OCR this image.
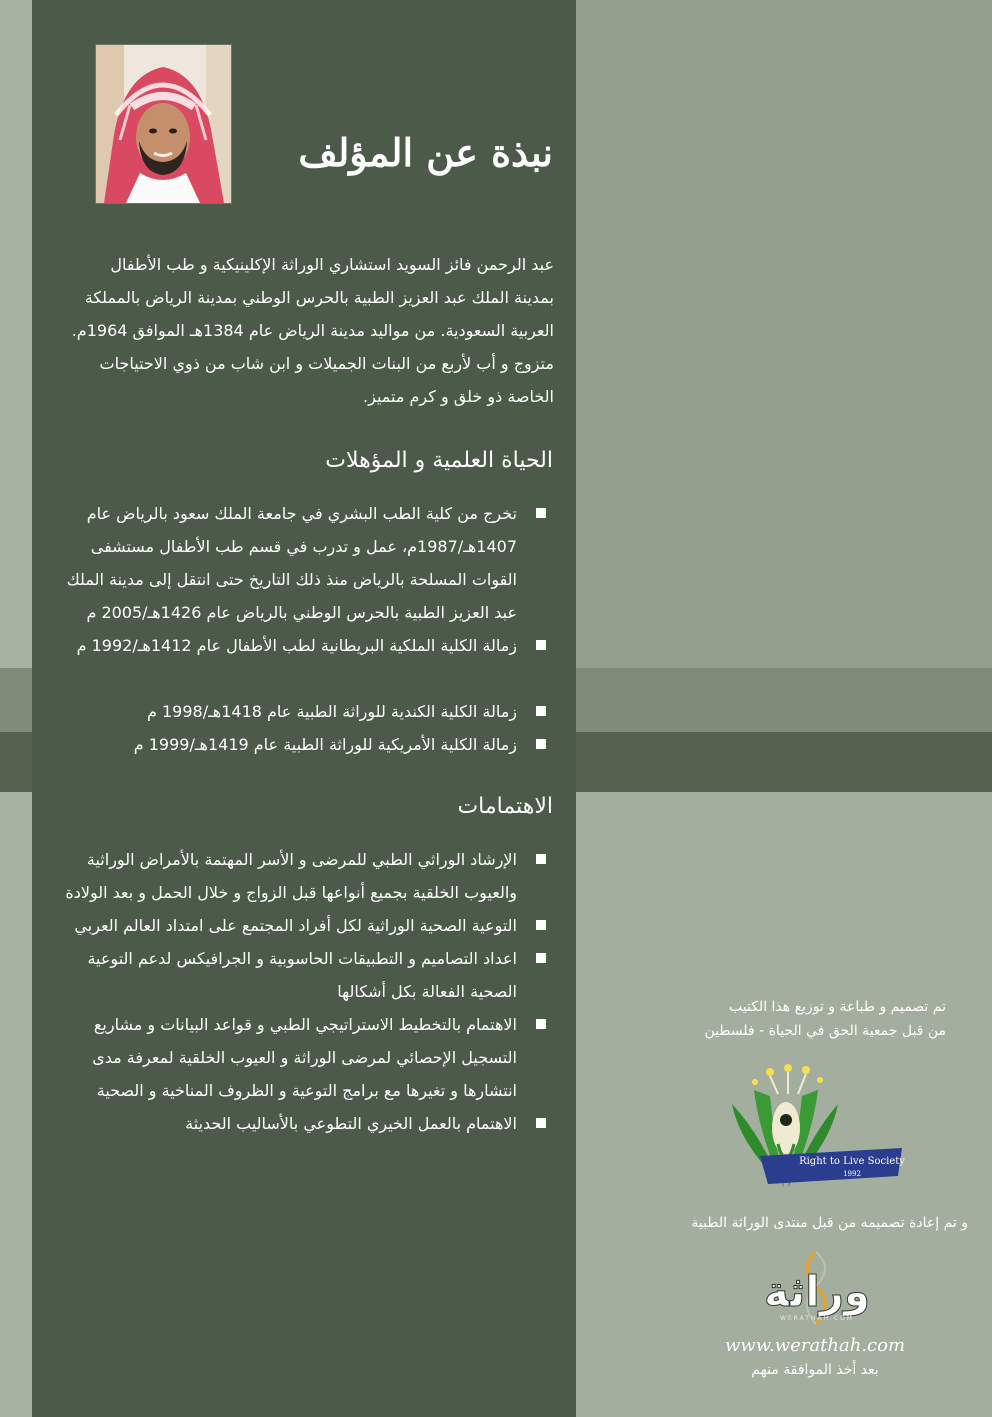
نبذة عن المؤلف
عبد الرحمن فائز السويد استشاري الوراثة الإكلينيكية و طب الأطفال
بمدينة الملك عبد العزيز الطبية بالحرس الوطني بمدينة الرياض بالمملكة
العربية السعودية. من مواليد مدينة الرياض عام 1384هـ الموافق 1964م.
متزوج و أب لأربع من البنات الجميلات و ابن شاب من ذوي الاحتياجات
الخاصة ذو خلق و كرم متميز.
الحياة العلمية و المؤهلات
تخرج من كلية الطب البشري في جامعة الملك سعود بالرياض عام 1407هـ/1987م، عمل و تدرب في قسم طب الأطفال مستشفى القوات المسلحة بالرياض منذ ذلك التاريخ حتى انتقل إلى مدينة الملك عبد العزيز الطبية بالحرس الوطني بالرياض عام 1426هـ/2005 م
زمالة الكلية الملكية البريطانية لطب الأطفال عام 1412هـ/1992 م
زمالة الكلية الكندية للوراثة الطبية عام 1418هـ/1998 م
زمالة الكلية الأمريكية للوراثة الطبية عام 1419هـ/1999 م
الاهتمامات
الإرشاد الوراثي الطبي للمرضى و الأسر المهتمة بالأمراض الوراثية والعيوب الخلقية بجميع أنواعها قبل الزواج و خلال الحمل و بعد الولادة
التوعية الصحية الوراثية لكل أفراد المجتمع على امتداد العالم العربي
اعداد التصاميم و التطبيقات الحاسوبية و الجرافيكس لدعم التوعية الصحية الفعالة بكل أشكالها
الاهتمام بالتخطيط الاستراتيجي الطبي و قواعد البيانات و مشاريع التسجيل الإحصائي لمرضى الوراثة و العيوب الخلقية لمعرفة مدى انتشارها و تغيرها مع برامج التوعية و الظروف المناخية و الصحية
الاهتمام بالعمل الخيري التطوعي بالأساليب الحديثة
تم تصميم و طباعة و توزيع هذا الكتيب
من قبل جمعية الحق في الحياة - فلسطين
Right to Live Society
1992
و تم إعادة تصميمه من قبل منتدى الوراثة الطبية
وراثة
WERATHAH.COM
www.werathah.com
بعد أخذ الموافقة منهم
